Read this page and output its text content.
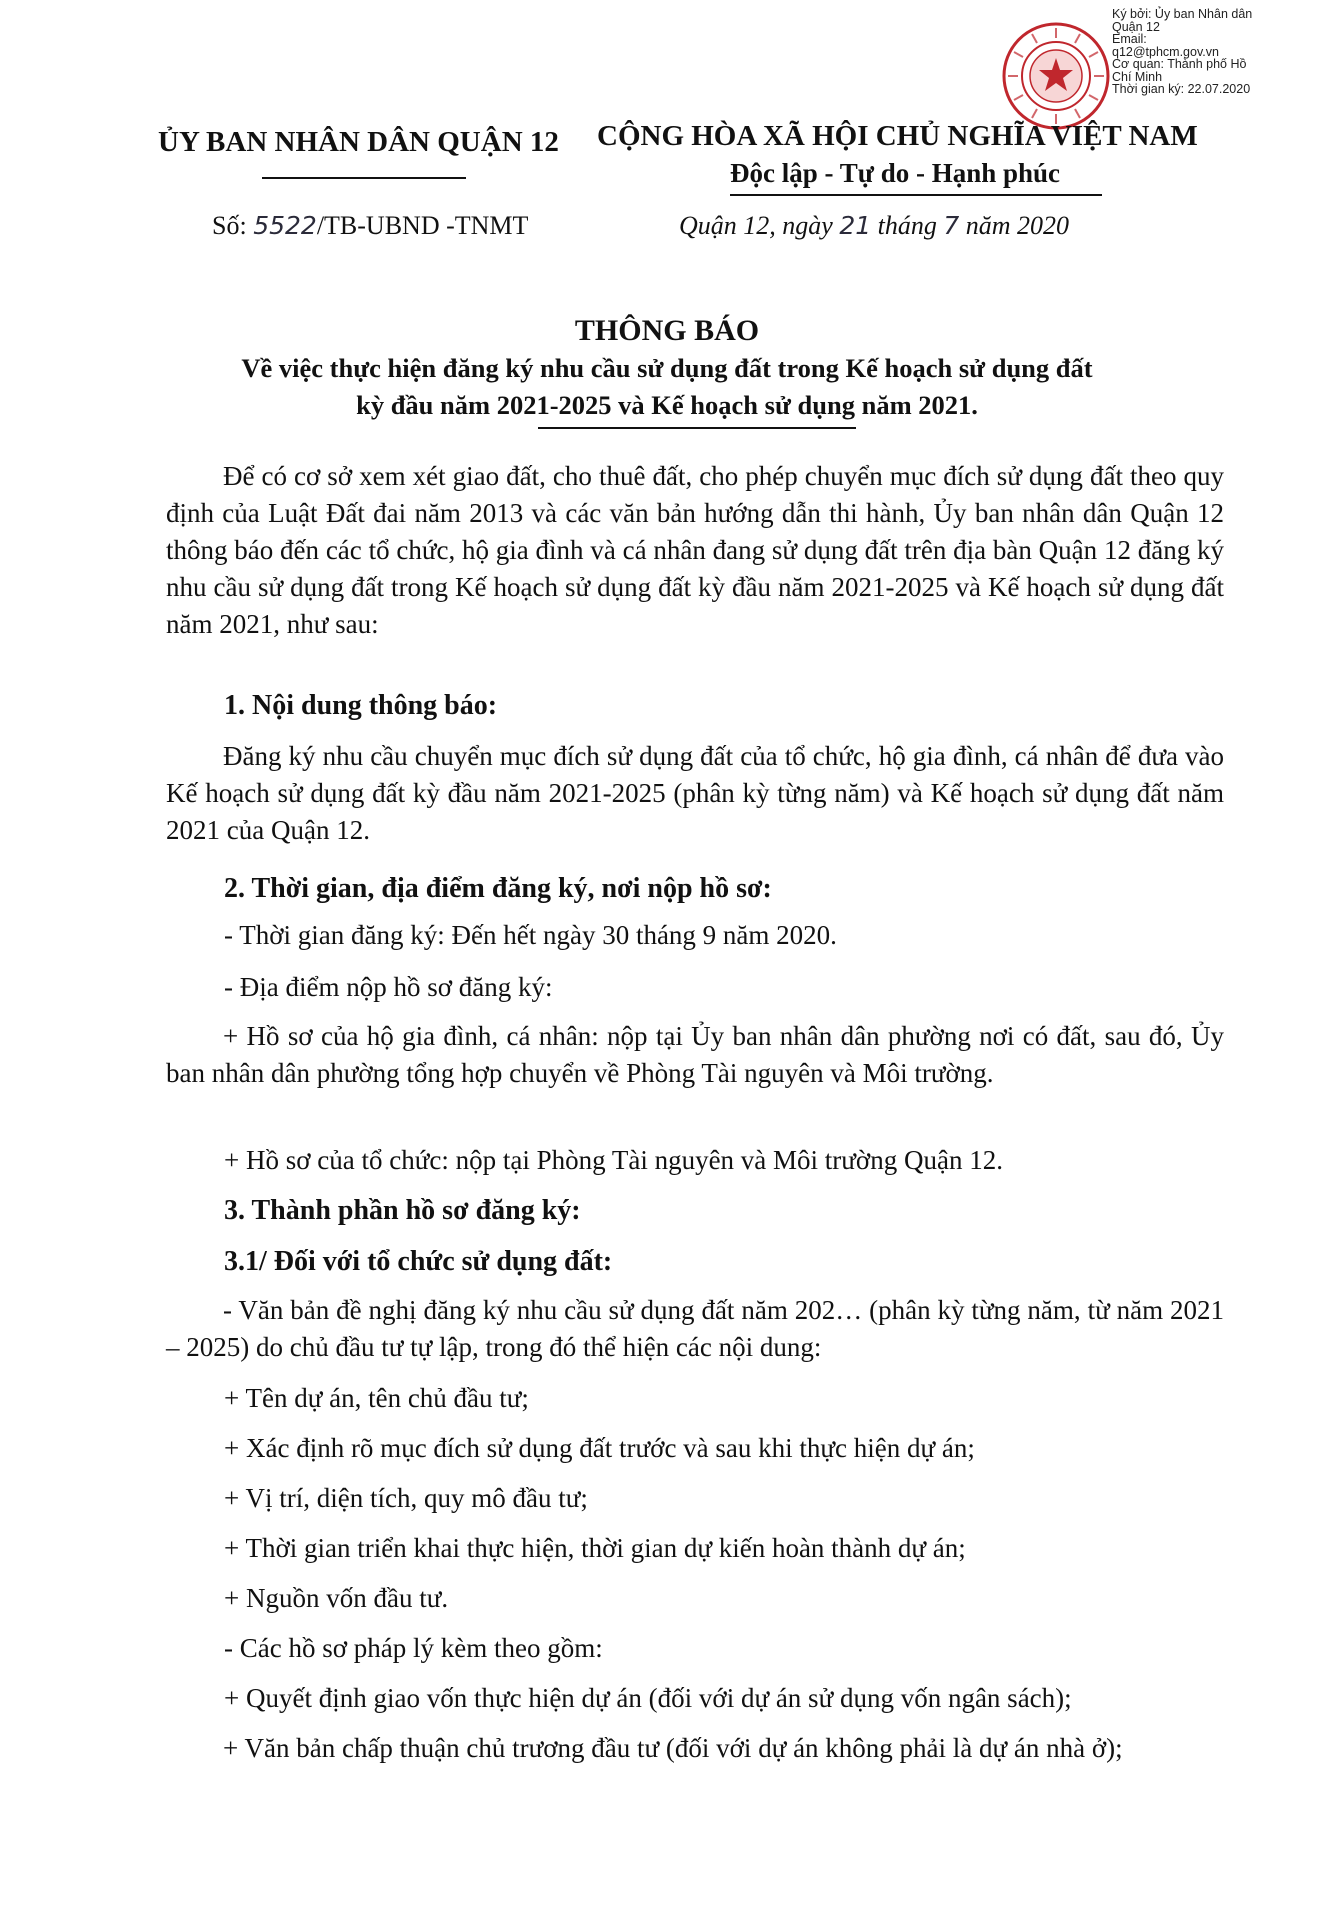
Ký bởi: Ủy ban Nhân dân
Quận 12
Email:
q12@tphcm.gov.vn
Cơ quan: Thành phố Hồ
Chí Minh
Thời gian ký: 22.07.2020
ỦY BAN NHÂN DÂN QUẬN 12 CỘNG HÒA XÃ HỘI CHỦ NGHĨA VIỆT NAM
Độc lập - Tự do - Hạnh phúc
Số: 5522/TB-UBND -TNMT	Quận 12, ngày 21 tháng 7 năm 2020
THÔNG BÁO
Về việc thực hiện đăng ký nhu cầu sử dụng đất trong Kế hoạch sử dụng đất
kỳ đầu năm 2021-2025 và Kế hoạch sử dụng năm 2021.
Để có cơ sở xem xét giao đất, cho thuê đất, cho phép chuyển mục đích sử dụng đất theo quy định của Luật Đất đai năm 2013 và các văn bản hướng dẫn thi hành, Ủy ban nhân dân Quận 12 thông báo đến các tổ chức, hộ gia đình và cá nhân đang sử dụng đất trên địa bàn Quận 12 đăng ký nhu cầu sử dụng đất trong Kế hoạch sử dụng đất kỳ đầu năm 2021-2025 và Kế hoạch sử dụng đất năm 2021, như sau:
1. Nội dung thông báo:
Đăng ký nhu cầu chuyển mục đích sử dụng đất của tổ chức, hộ gia đình, cá nhân để đưa vào Kế hoạch sử dụng đất kỳ đầu năm 2021-2025 (phân kỳ từng năm) và Kế hoạch sử dụng đất năm 2021 của Quận 12.
2. Thời gian, địa điểm đăng ký, nơi nộp hồ sơ:
- Thời gian đăng ký: Đến hết ngày 30 tháng 9 năm 2020.
- Địa điểm nộp hồ sơ đăng ký:
+ Hồ sơ của hộ gia đình, cá nhân: nộp tại Ủy ban nhân dân phường nơi có đất, sau đó, Ủy ban nhân dân phường tổng hợp chuyển về Phòng Tài nguyên và Môi trường.
+ Hồ sơ của tổ chức: nộp tại Phòng Tài nguyên và Môi trường Quận 12.
3. Thành phần hồ sơ đăng ký:
3.1/ Đối với tổ chức sử dụng đất:
- Văn bản đề nghị đăng ký nhu cầu sử dụng đất năm 202… (phân kỳ từng năm, từ năm 2021 – 2025) do chủ đầu tư tự lập, trong đó thể hiện các nội dung:
+ Tên dự án, tên chủ đầu tư;
+ Xác định rõ mục đích sử dụng đất trước và sau khi thực hiện dự án;
+ Vị trí, diện tích, quy mô đầu tư;
+ Thời gian triển khai thực hiện, thời gian dự kiến hoàn thành dự án;
+ Nguồn vốn đầu tư.
- Các hồ sơ pháp lý kèm theo gồm:
+ Quyết định giao vốn thực hiện dự án (đối với dự án sử dụng vốn ngân sách);
+ Văn bản chấp thuận chủ trương đầu tư (đối với dự án không phải là dự án nhà ở);
